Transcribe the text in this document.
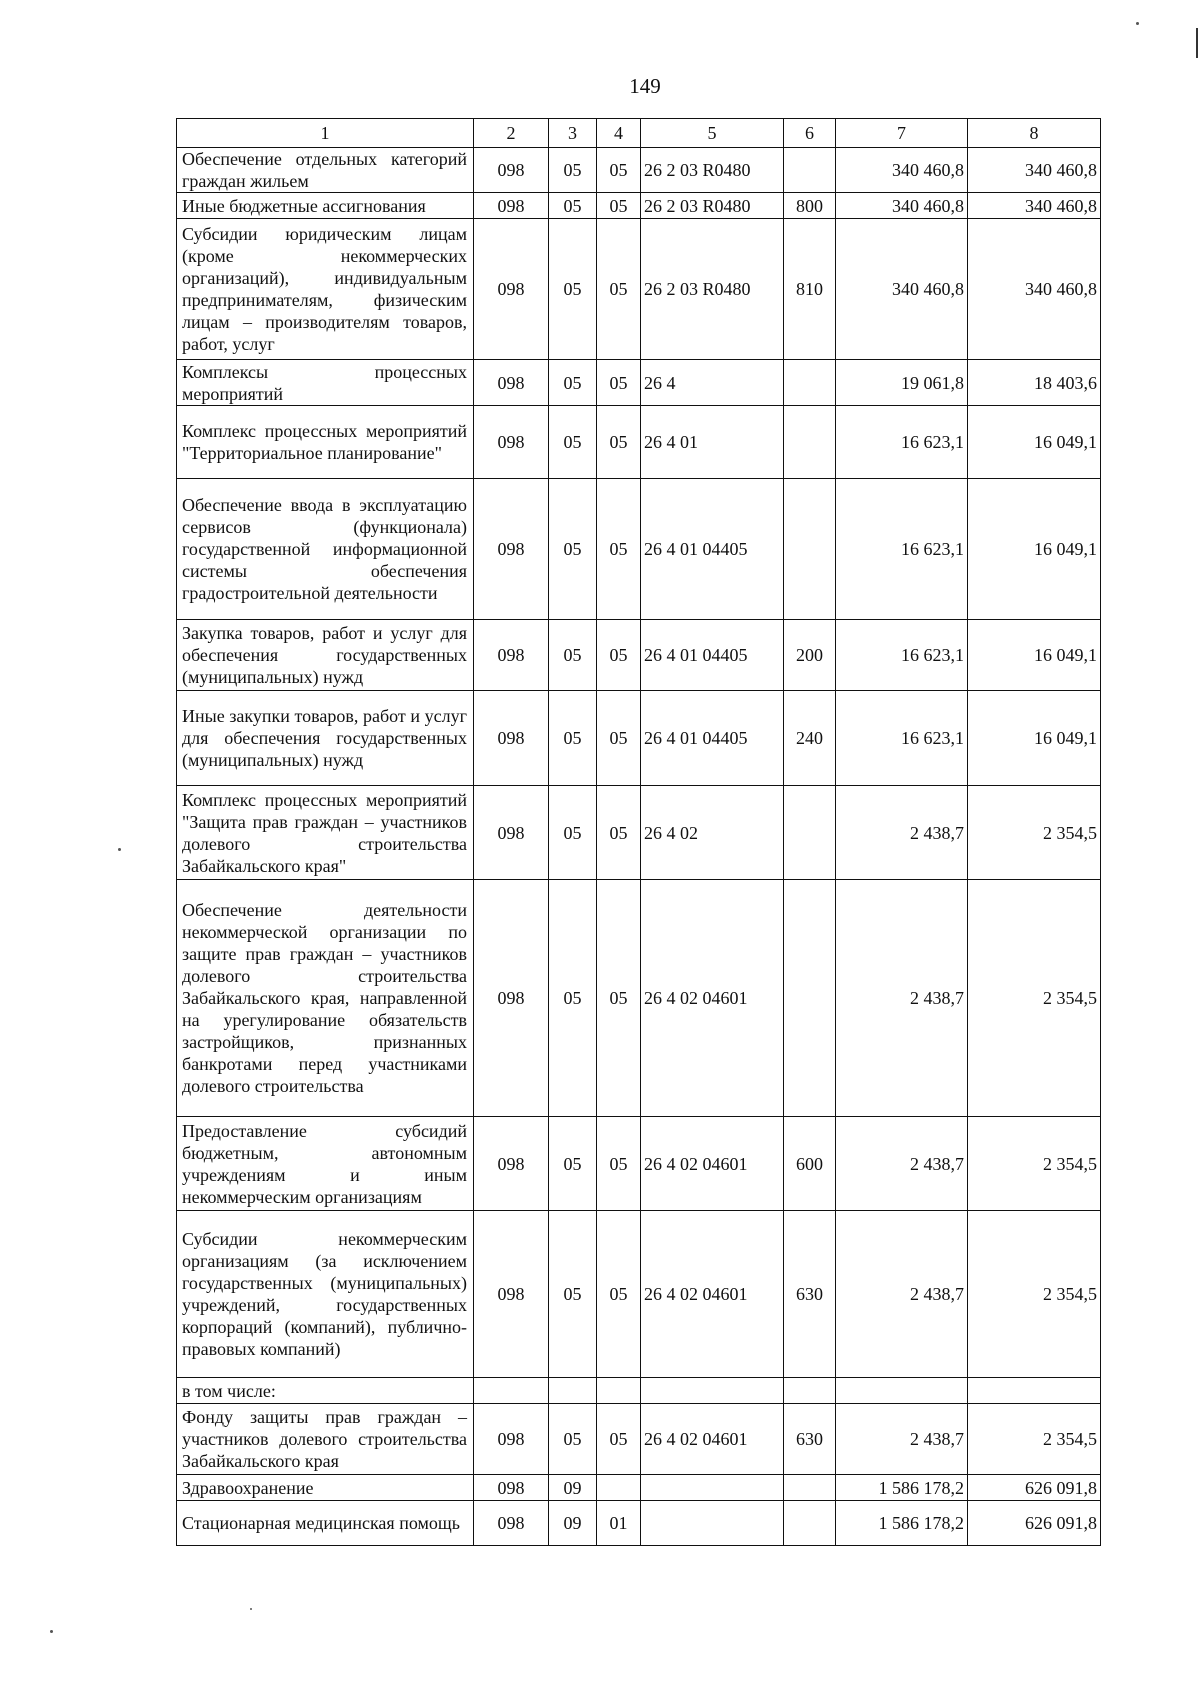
149
1	2	3	4	5	6	7	8
Обеспечение отдельных категорий граждан жильем	098	05	05	26 2 03 R0480		340 460,8	340 460,8
Иные бюджетные ассигнования	098	05	05	26 2 03 R0480	800	340 460,8	340 460,8
Субсидии юридическим лицам (кроме некоммерческих организаций), индивидуальным предпринимателям, физическим лицам – производителям товаров, работ, услуг	098	05	05	26 2 03 R0480	810	340 460,8	340 460,8
Комплексы процессных мероприятий	098	05	05	26 4		19 061,8	18 403,6
Комплекс процессных мероприятий "Территориальное планирование"	098	05	05	26 4 01		16 623,1	16 049,1
Обеспечение ввода в эксплуатацию сервисов (функционала) государственной информационной системы обеспечения градостроительной деятельности	098	05	05	26 4 01 04405		16 623,1	16 049,1
Закупка товаров, работ и услуг для обеспечения государственных (муниципальных) нужд	098	05	05	26 4 01 04405	200	16 623,1	16 049,1
Иные закупки товаров, работ и услуг для обеспечения государственных (муниципальных) нужд	098	05	05	26 4 01 04405	240	16 623,1	16 049,1
Комплекс процессных мероприятий "Защита прав граждан – участников долевого строительства Забайкальского края"	098	05	05	26 4 02		2 438,7	2 354,5
Обеспечение деятельности некоммерческой организации по защите прав граждан – участников долевого строительства Забайкальского края, направленной на урегулирование обязательств застройщиков, признанных банкротами перед участниками долевого строительства	098	05	05	26 4 02 04601		2 438,7	2 354,5
Предоставление субсидий бюджетным, автономным учреждениям и иным некоммерческим организациям	098	05	05	26 4 02 04601	600	2 438,7	2 354,5
Субсидии некоммерческим организациям (за исключением государственных (муниципальных) учреждений, государственных корпораций (компаний), публично-правовых компаний)	098	05	05	26 4 02 04601	630	2 438,7	2 354,5
в том числе:							
Фонду защиты прав граждан – участников долевого строительства Забайкальского края	098	05	05	26 4 02 04601	630	2 438,7	2 354,5
Здравоохранение	098	09				1 586 178,2	626 091,8
Стационарная медицинская помощь	098	09	01			1 586 178,2	626 091,8
